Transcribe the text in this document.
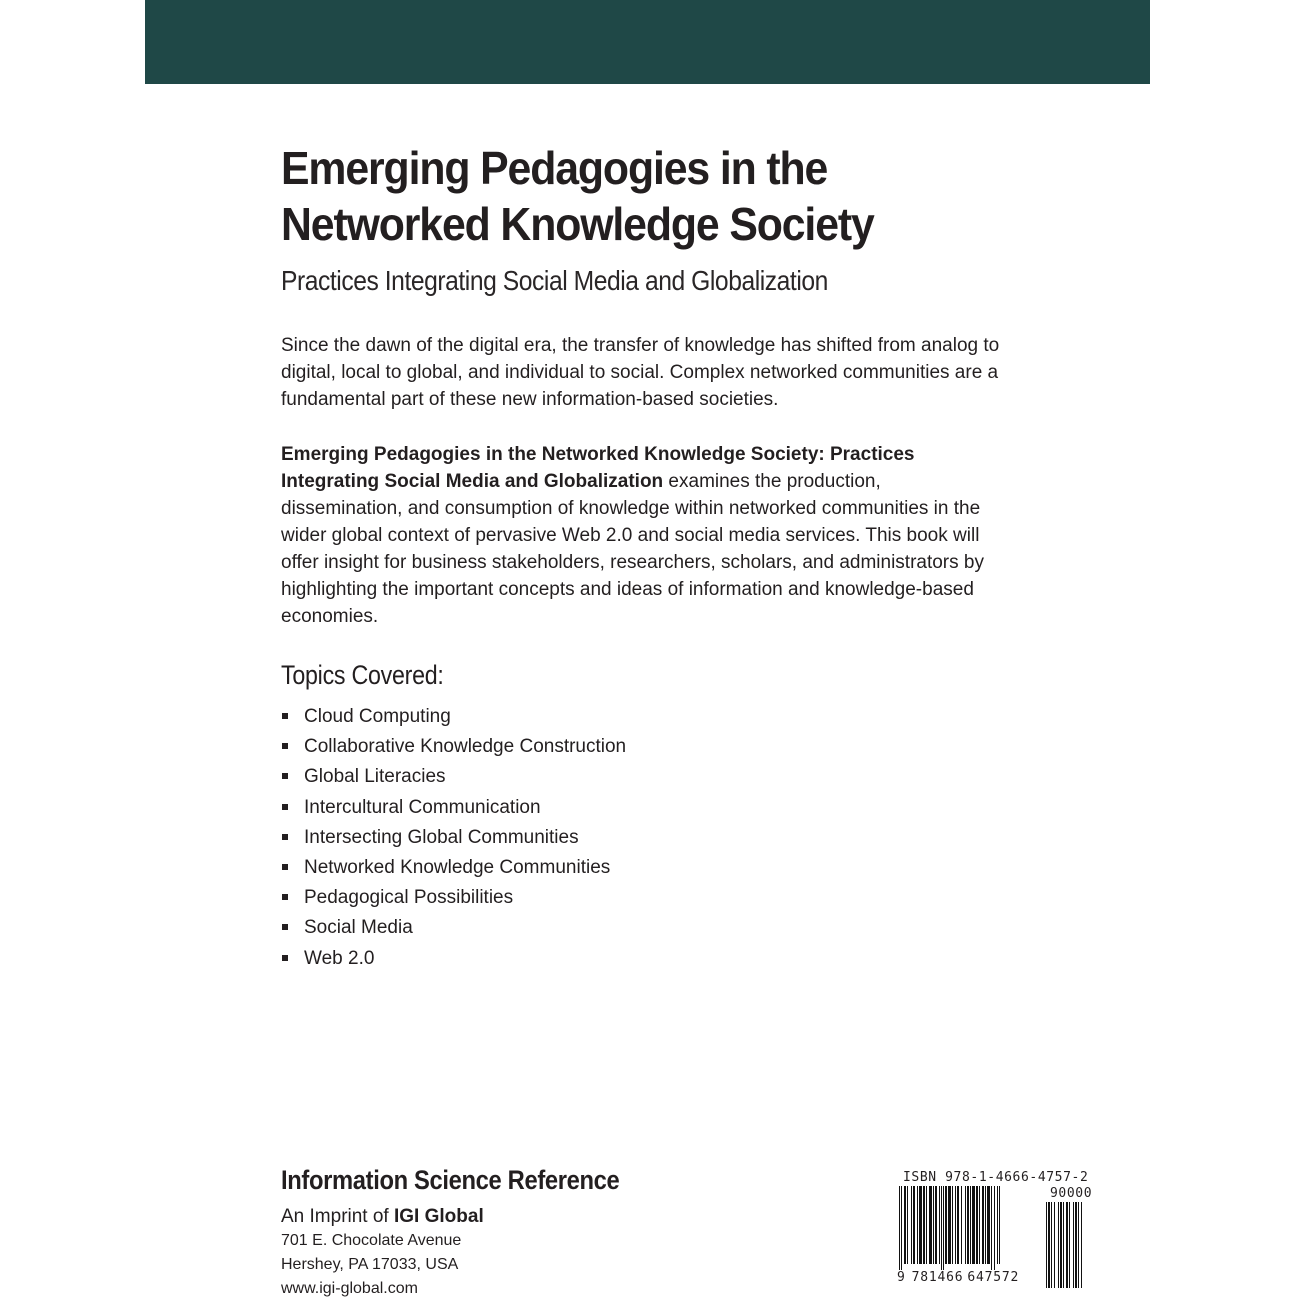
Emerging Pedagogies in the
Networked Knowledge Society
Practices Integrating Social Media and Globalization

Since the dawn of the digital era, the transfer of knowledge has shifted from analog to digital, local to global, and individual to social. Complex networked communities are a fundamental part of these new information-based societies.

Emerging Pedagogies in the Networked Knowledge Society: Practices Integrating Social Media and Globalization examines the production, dissemination, and consumption of knowledge within networked communities in the wider global context of pervasive Web 2.0 and social media services. This book will offer insight for business stakeholders, researchers, scholars, and administrators by highlighting the important concepts and ideas of information and knowledge-based economies.

Topics Covered:
Cloud Computing
Collaborative Knowledge Construction
Global Literacies
Intercultural Communication
Intersecting Global Communities
Networked Knowledge Communities
Pedagogical Possibilities
Social Media
Web 2.0
Information Science Reference
An Imprint of IGI Global
701 E. Chocolate Avenue
Hershey, PA 17033, USA
www.igi-global.com
ISBN 978-1-4666-4757-2
90000
9 781466 647572
